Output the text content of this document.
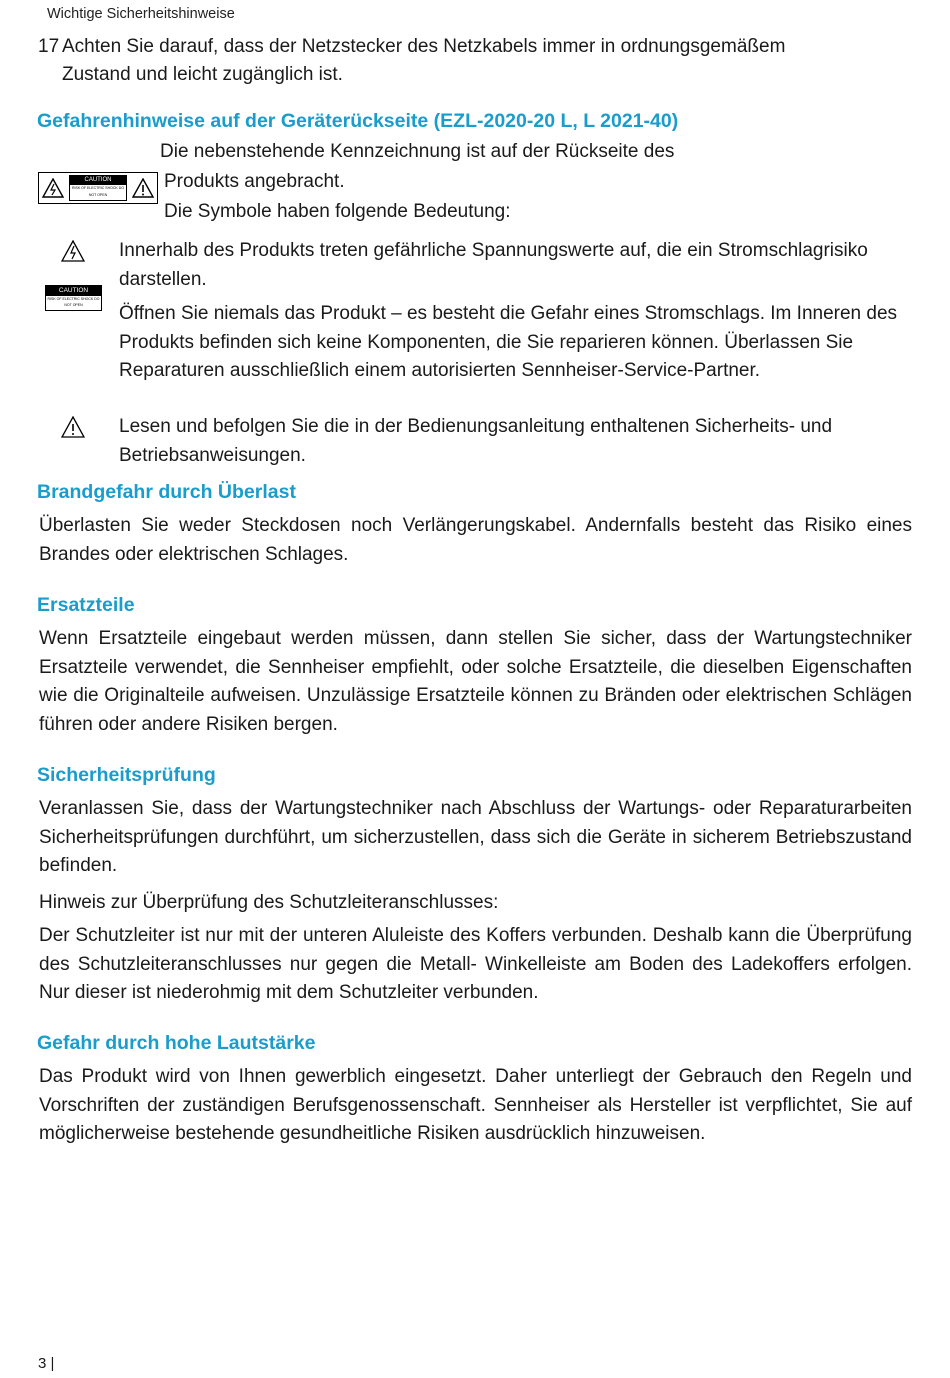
Wichtige Sicherheitshinweise
17 Achten Sie darauf, dass der Netzstecker des Netzkabels immer in ordnungsgemäßem
Zustand und leicht zugänglich ist.
Gefahrenhinweise auf der Geräterückseite (EZL-2020-20 L, L 2021-40)
Die nebenstehende Kennzeichnung ist auf der Rückseite des
Produkts angebracht.
Die Symbole haben folgende Bedeutung:
CAUTION
RISK OF ELECTRIC SHOCK DO NOT OPEN
Innerhalb des Produkts treten gefährliche Spannungswerte auf, die ein Stromschlagrisiko darstellen.
CAUTION
RISK OF ELECTRIC SHOCK DO NOT OPEN	Öffnen Sie niemals das Produkt – es besteht die Gefahr eines Stromschlags. Im Inneren des Produkts befinden sich keine Komponenten, die Sie reparieren können. Überlassen Sie Reparaturen ausschließlich einem autorisierten Sennheiser-Service-Partner.
Lesen und befolgen Sie die in der Bedienungsanleitung enthaltenen Sicherheits- und Betriebsanweisungen.
Brandgefahr durch Überlast
Überlasten Sie weder Steckdosen noch Verlängerungskabel. Andernfalls besteht das Risiko eines Brandes oder elektrischen Schlages.
Ersatzteile
Wenn Ersatzteile eingebaut werden müssen, dann stellen Sie sicher, dass der Wartungstechniker Ersatzteile verwendet, die Sennheiser empfiehlt, oder solche Ersatzteile, die dieselben Eigenschaften wie die Originalteile aufweisen. Unzulässige Ersatzteile können zu Bränden oder elektrischen Schlägen führen oder andere Risiken bergen.
Sicherheitsprüfung
Veranlassen Sie, dass der Wartungstechniker nach Abschluss der Wartungs- oder Reparaturarbeiten Sicherheitsprüfungen durchführt, um sicherzustellen, dass sich die Geräte in sicherem Betriebszustand befinden.
Hinweis zur Überprüfung des Schutzleiteranschlusses:
Der Schutzleiter ist nur mit der unteren Aluleiste des Koffers verbunden. Deshalb kann die Überprüfung des Schutzleiteranschlusses nur gegen die Metall- Winkelleiste am Boden des Ladekoffers erfolgen. Nur dieser ist niederohmig mit dem Schutzleiter verbunden.
Gefahr durch hohe Lautstärke
Das Produkt wird von Ihnen gewerblich eingesetzt. Daher unterliegt der Gebrauch den Regeln und Vorschriften der zuständigen Berufsgenossenschaft. Sennheiser als Hersteller ist verpflichtet, Sie auf möglicherweise bestehende gesundheitliche Risiken ausdrücklich hinzuweisen.
3 |
